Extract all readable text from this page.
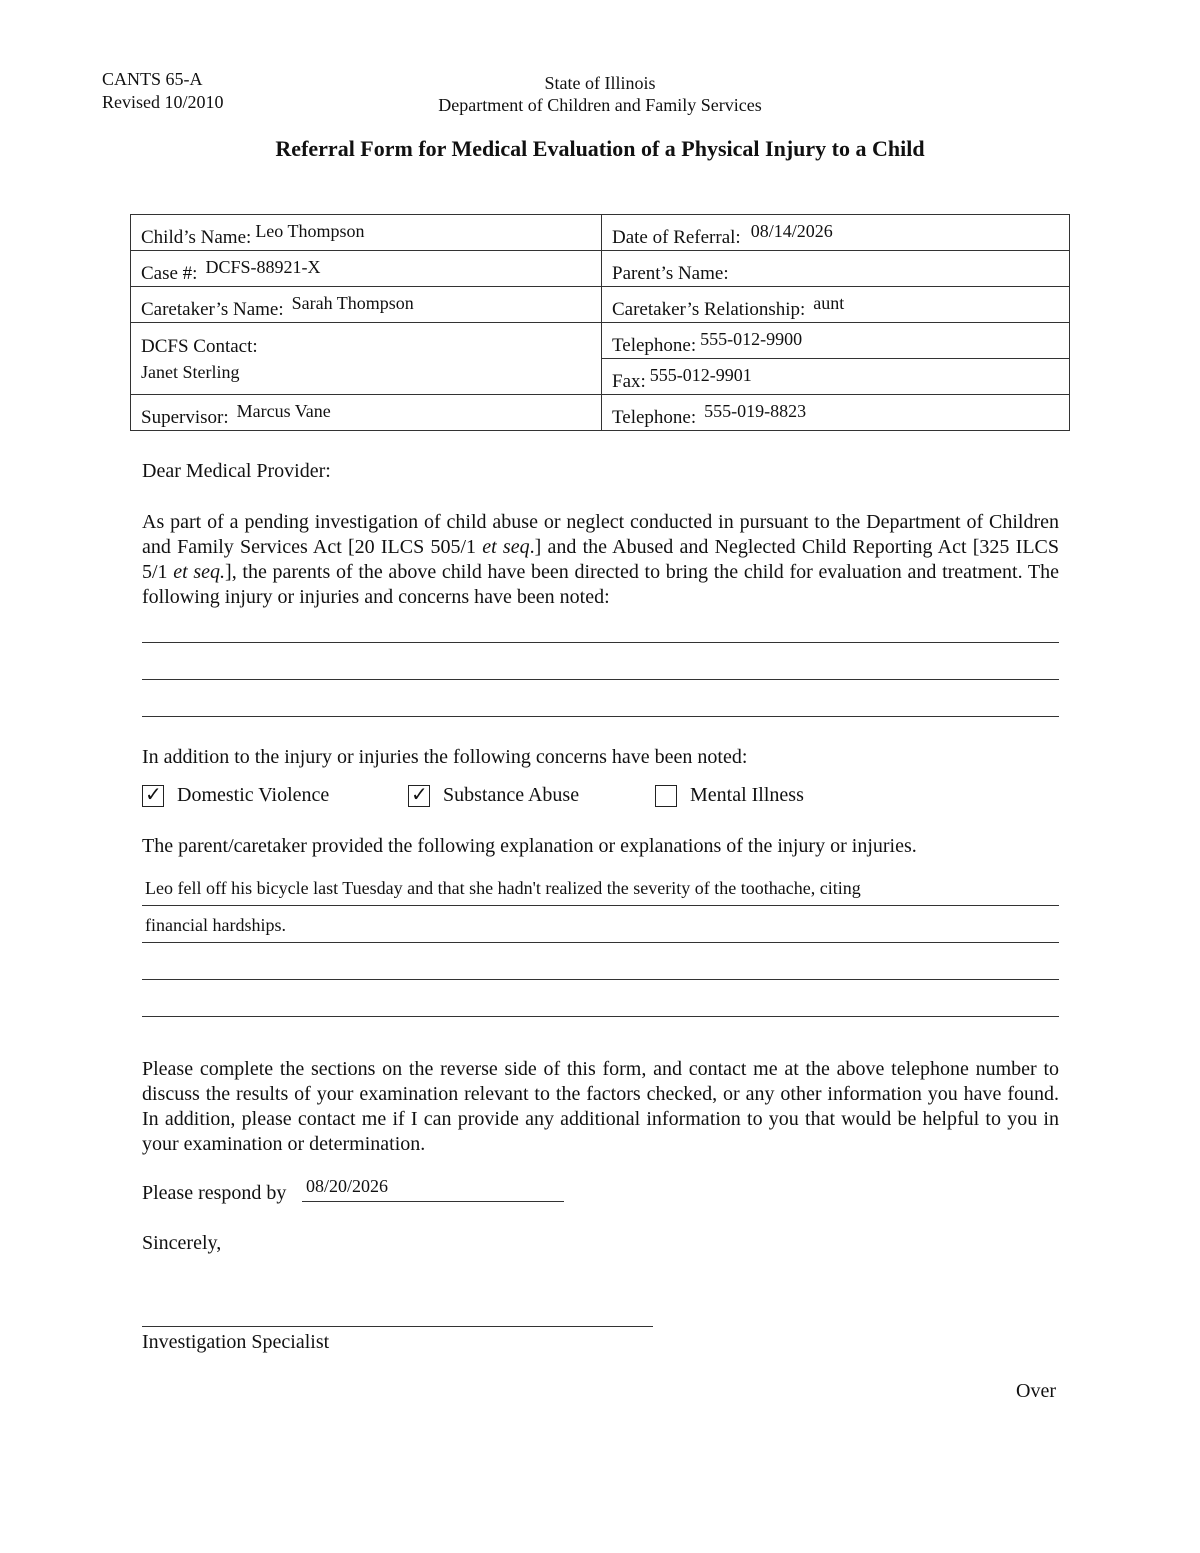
CANTS 65-A
Revised 10/2010
State of Illinois
Department of Children and Family Services
Referral Form for Medical Evaluation of a Physical Injury to a Child
Child’s Name: Leo Thompson	Date of Referral: 08/14/2026
Case #: DCFS-88921-X	Parent’s Name:
Caretaker’s Name: Sarah Thompson	Caretaker’s Relationship: aunt
DCFS Contact:	Telephone: 555-012-9900
Janet Sterling	Fax: 555-012-9901
Supervisor: Marcus Vane	Telephone: 555-019-8823
Dear Medical Provider:
As part of a pending investigation of child abuse or neglect conducted in pursuant to the Department of Children and Family Services Act [20 ILCS 505/1 et seq.] and the Abused and Neglected Child Reporting Act [325 ILCS 5/1 et seq.], the parents of the above child have been directed to bring the child for evaluation and treatment. The following injury or injuries and concerns have been noted:
In addition to the injury or injuries the following concerns have been noted:
✓ Domestic Violence	✓ Substance Abuse	Mental Illness
The parent/caretaker provided the following explanation or explanations of the injury or injuries.
Leo fell off his bicycle last Tuesday and that she hadn't realized the severity of the toothache, citing
financial hardships.
Please complete the sections on the reverse side of this form, and contact me at the above telephone number to discuss the results of your examination relevant to the factors checked, or any other information you have found. In addition, please contact me if I can provide any additional information to you that would be helpful to you in your examination or determination.
Please respond by 08/20/2026
Sincerely,
Investigation Specialist
Over
